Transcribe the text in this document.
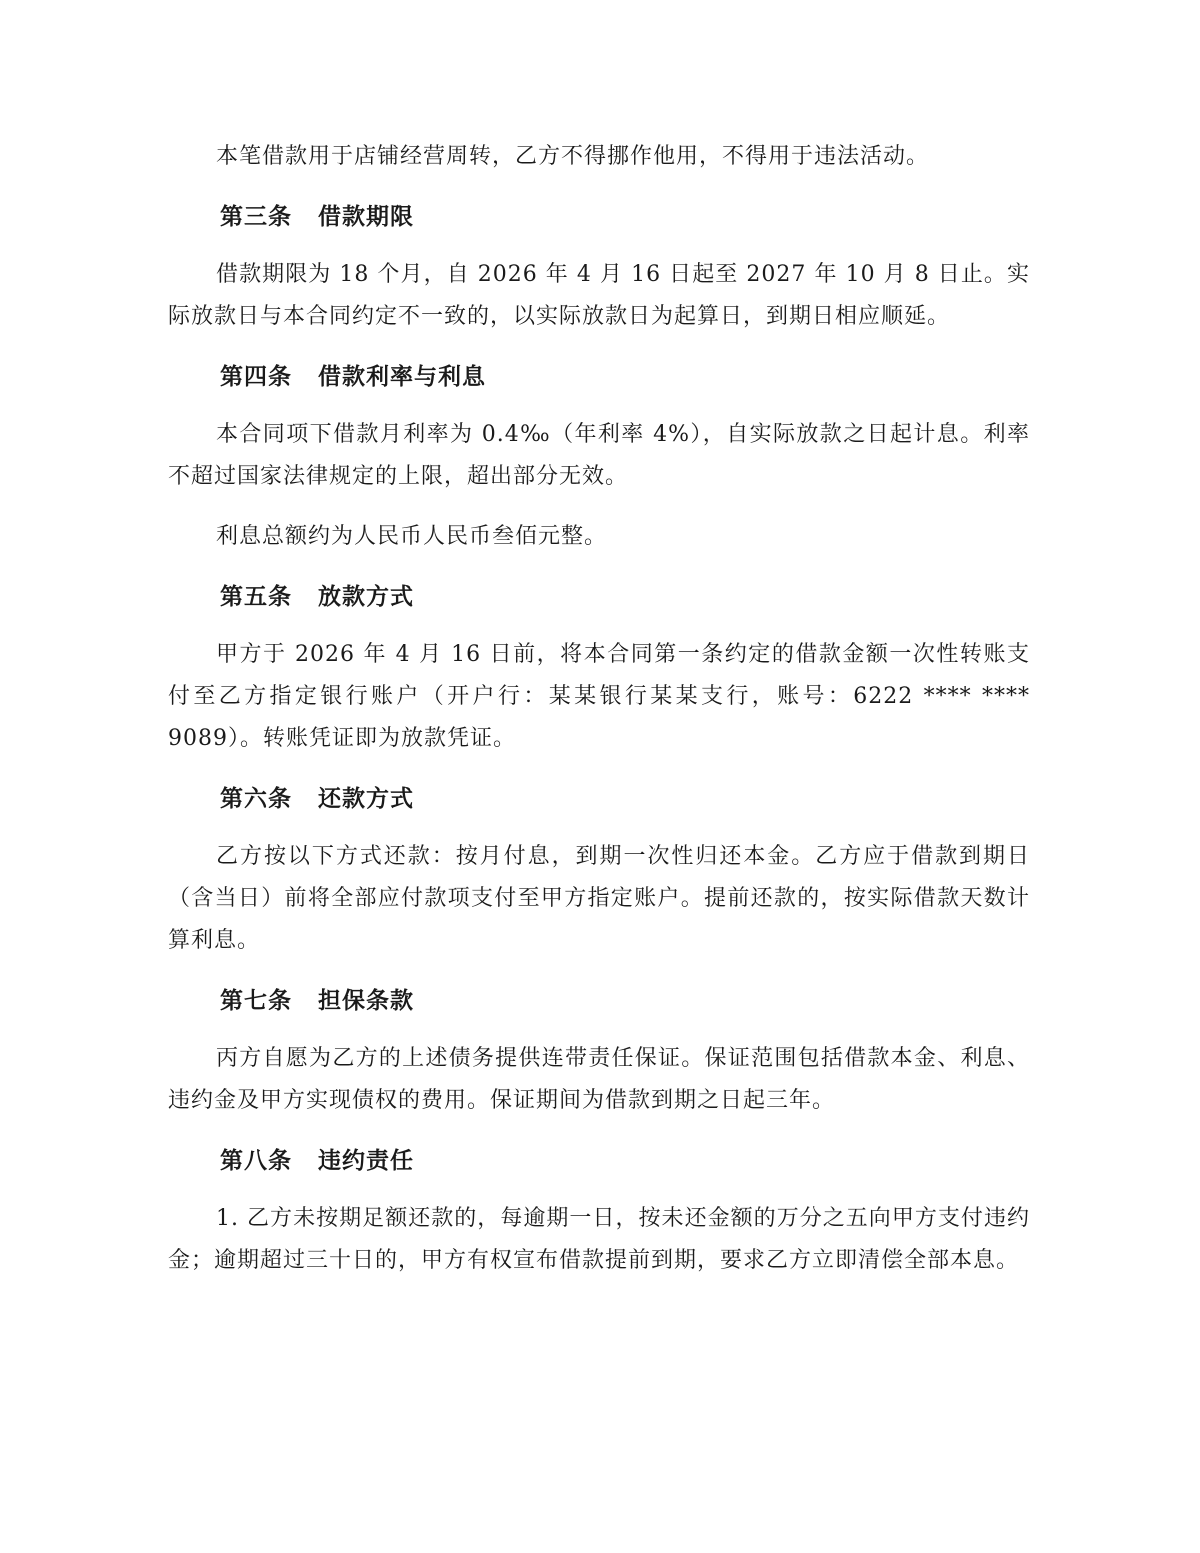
本笔借款用于店铺经营周转，乙方不得挪作他用，不得用于违法活动。

第三条 借款期限

借款期限为 18 个月，自 2026 年 4 月 16 日起至 2027 年 10 月 8 日止。实际放款日与本合同约定不一致的，以实际放款日为起算日，到期日相应顺延。

第四条 借款利率与利息

本合同项下借款月利率为 0.4‰（年利率 4%），自实际放款之日起计息。利率不超过国家法律规定的上限，超出部分无效。

利息总额约为人民币人民币叁佰元整。

第五条 放款方式

甲方于 2026 年 4 月 16 日前，将本合同第一条约定的借款金额一次性转账支付至乙方指定银行账户（开户行：某某银行某某支行，账号：6222 **** **** 9089）。转账凭证即为放款凭证。

第六条 还款方式

乙方按以下方式还款：按月付息，到期一次性归还本金。乙方应于借款到期日（含当日）前将全部应付款项支付至甲方指定账户。提前还款的，按实际借款天数计算利息。

第七条 担保条款

丙方自愿为乙方的上述债务提供连带责任保证。保证范围包括借款本金、利息、违约金及甲方实现债权的费用。保证期间为借款到期之日起三年。

第八条 违约责任

1. 乙方未按期足额还款的，每逾期一日，按未还金额的万分之五向甲方支付违约金；逾期超过三十日的，甲方有权宣布借款提前到期，要求乙方立即清偿全部本息。
